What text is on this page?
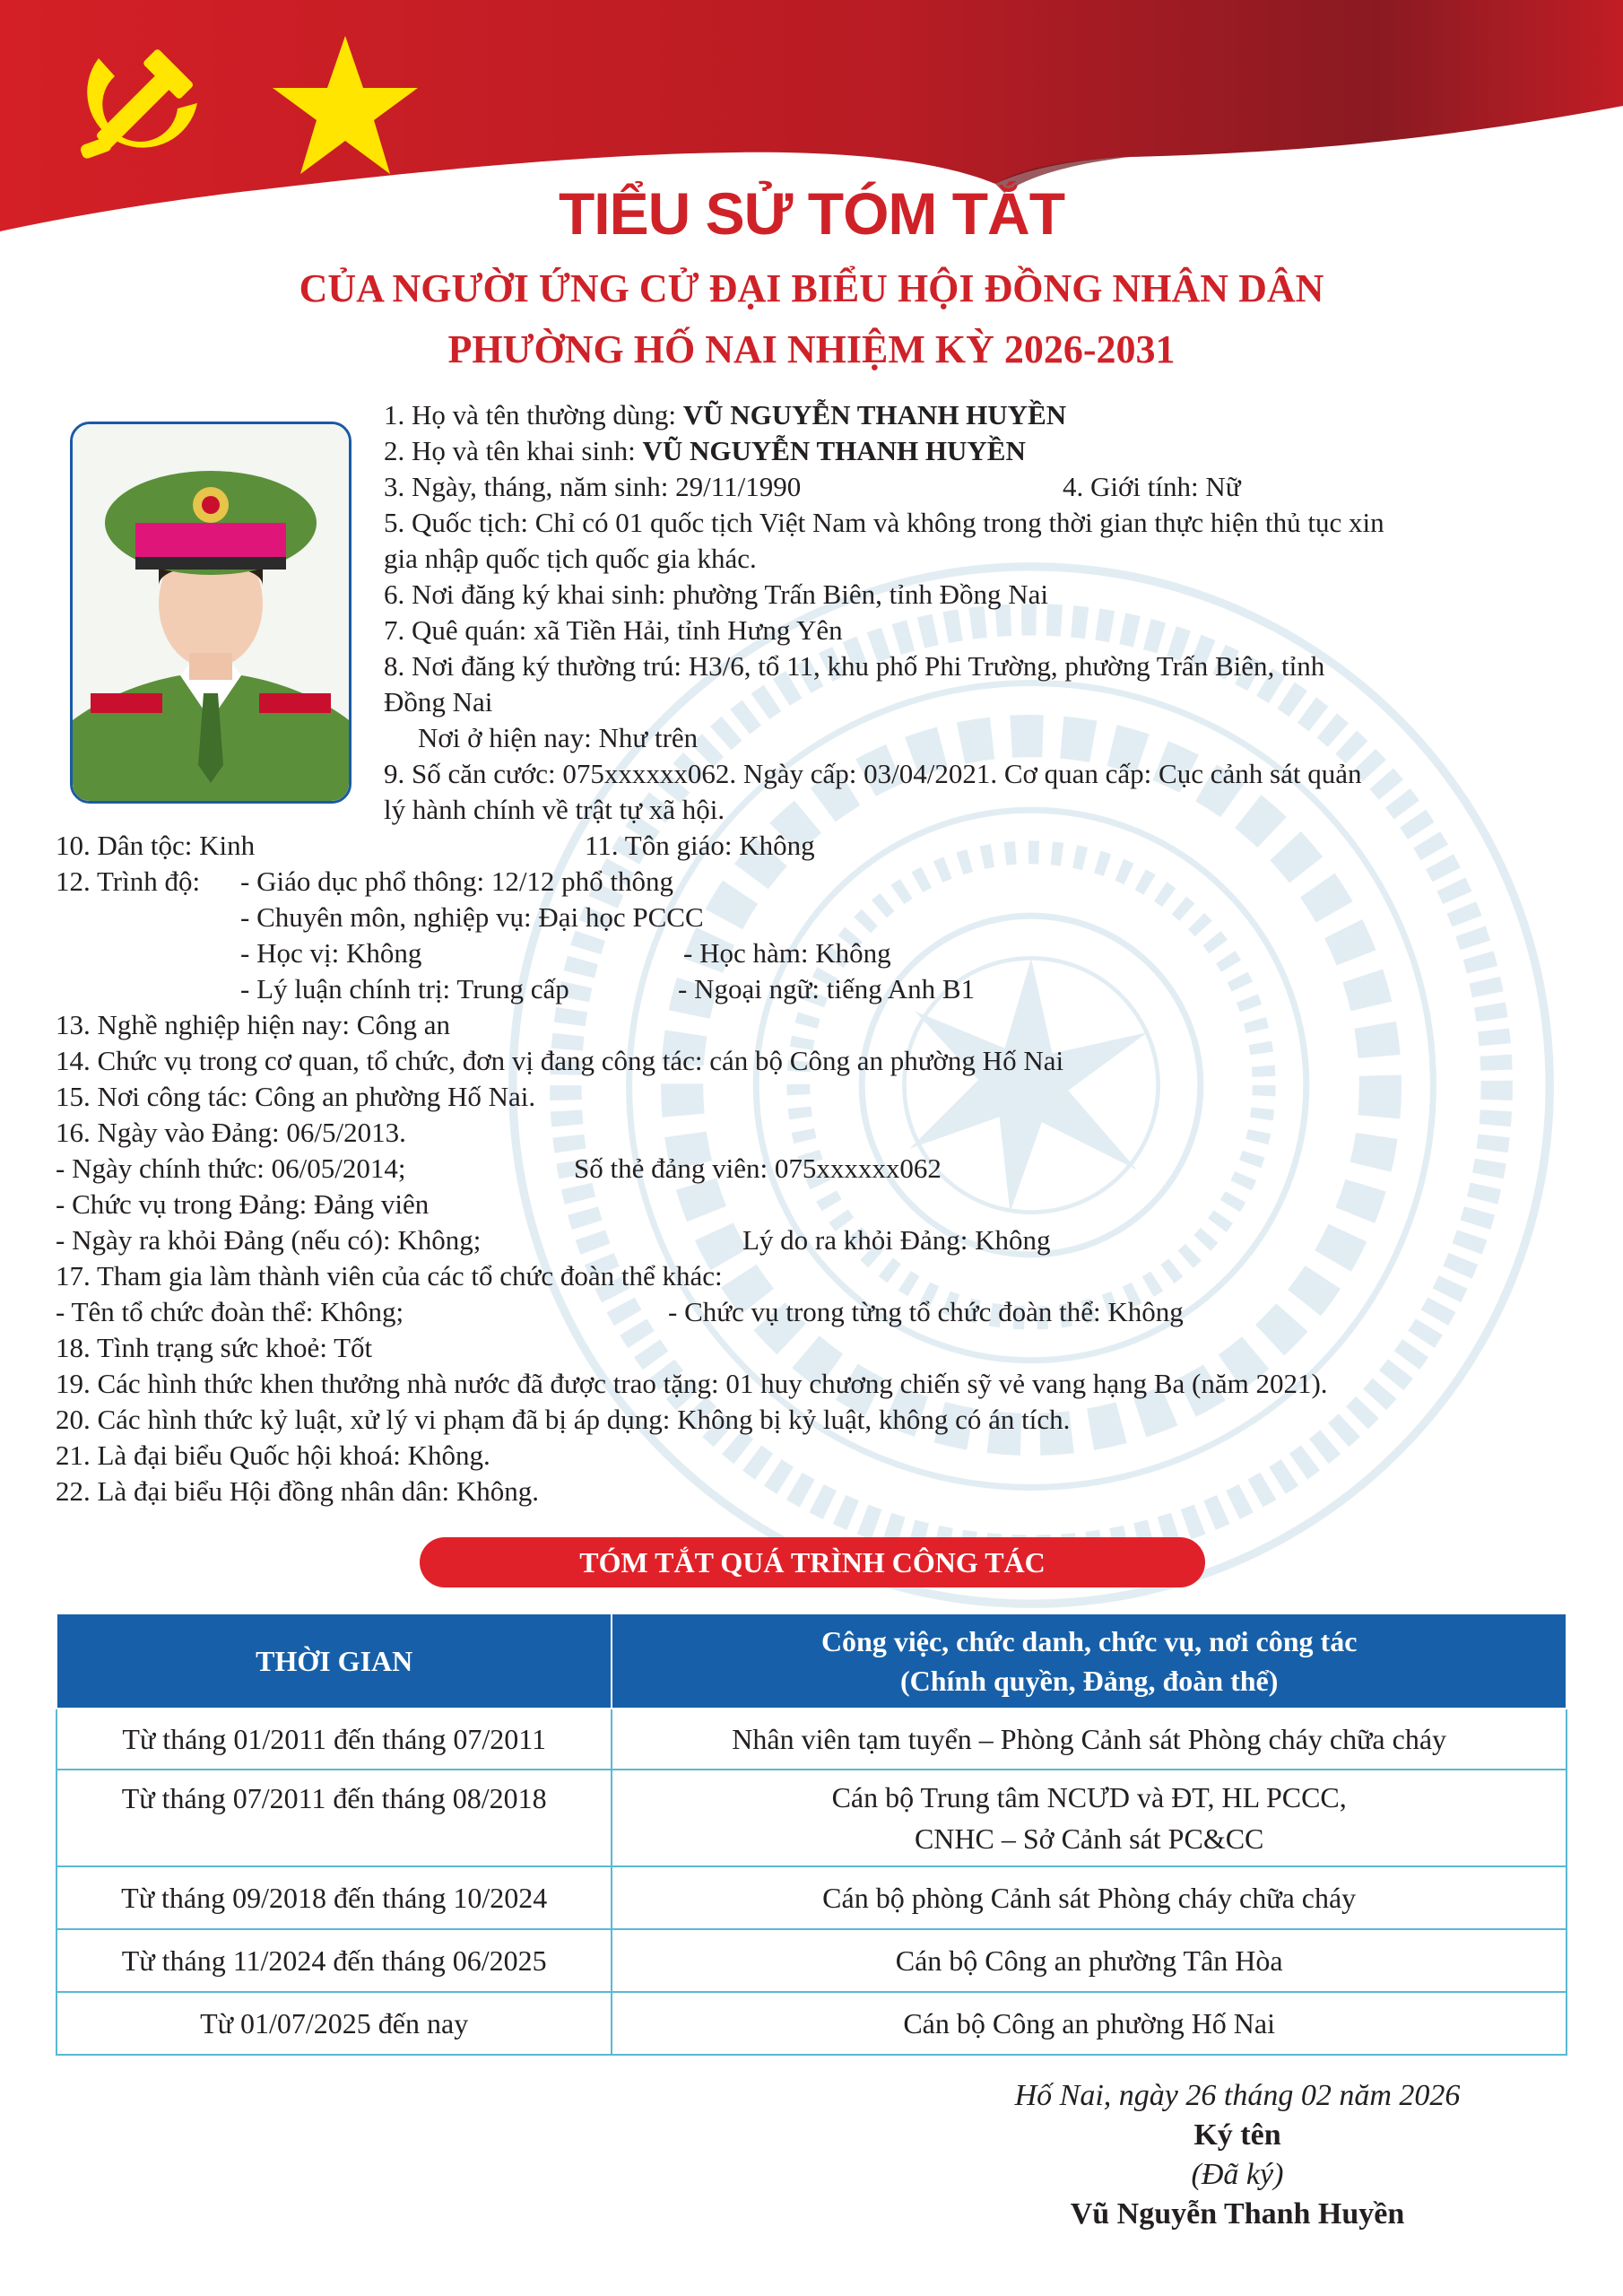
TIỂU SỬ TÓM TẮT
CỦA NGƯỜI ỨNG CỬ ĐẠI BIỂU HỘI ĐỒNG NHÂN DÂN
PHƯỜNG HỐ NAI NHIỆM KỲ 2026-2031
1. Họ và tên thường dùng: VŨ NGUYỄN THANH HUYỀN
2. Họ và tên khai sinh: VŨ NGUYỄN THANH HUYỀN
3. Ngày, tháng, năm sinh: 29/11/1990	4. Giới tính: Nữ
5. Quốc tịch: Chỉ có 01 quốc tịch Việt Nam và không trong thời gian thực hiện thủ tục xin
gia nhập quốc tịch quốc gia khác.
6. Nơi đăng ký khai sinh: phường Trấn Biên, tỉnh Đồng Nai
7. Quê quán: xã Tiền Hải, tỉnh Hưng Yên
8. Nơi đăng ký thường trú: H3/6, tổ 11, khu phố Phi Trường, phường Trấn Biên, tỉnh
Đồng Nai
Nơi ở hiện nay: Như trên
9. Số căn cước: 075xxxxxx062. Ngày cấp: 03/04/2021. Cơ quan cấp: Cục cảnh sát quản
lý hành chính về trật tự xã hội.
10. Dân tộc: Kinh	11. Tôn giáo: Không
12. Trình độ: - Giáo dục phổ thông: 12/12 phổ thông
- Chuyên môn, nghiệp vụ: Đại học PCCC
- Học vị: Không	- Học hàm: Không
- Lý luận chính trị: Trung cấp	- Ngoại ngữ: tiếng Anh B1
13. Nghề nghiệp hiện nay: Công an
14. Chức vụ trong cơ quan, tổ chức, đơn vị đang công tác: cán bộ Công an phường Hố Nai
15. Nơi công tác: Công an phường Hố Nai.
16. Ngày vào Đảng: 06/5/2013.
- Ngày chính thức: 06/05/2014;	Số thẻ đảng viên: 075xxxxxx062
- Chức vụ trong Đảng: Đảng viên
- Ngày ra khỏi Đảng (nếu có): Không;	Lý do ra khỏi Đảng: Không
17. Tham gia làm thành viên của các tổ chức đoàn thể khác:
- Tên tổ chức đoàn thể: Không;	- Chức vụ trong từng tổ chức đoàn thể: Không
18. Tình trạng sức khoẻ: Tốt
19. Các hình thức khen thưởng nhà nước đã được trao tặng: 01 huy chương chiến sỹ vẻ vang hạng Ba (năm 2021).
20. Các hình thức kỷ luật, xử lý vi phạm đã bị áp dụng: Không bị kỷ luật, không có án tích.
21. Là đại biểu Quốc hội khoá: Không.
22. Là đại biểu Hội đồng nhân dân: Không.
TÓM TẮT QUÁ TRÌNH CÔNG TÁC
THỜI GIAN	Công việc, chức danh, chức vụ, nơi công tác
(Chính quyền, Đảng, đoàn thể)
Từ tháng 01/2011 đến tháng 07/2011	Nhân viên tạm tuyển – Phòng Cảnh sát Phòng cháy chữa cháy
Từ tháng 07/2011 đến tháng 08/2018	Cán bộ Trung tâm NCƯD và ĐT, HL PCCC,
CNHC – Sở Cảnh sát PC&CC
Từ tháng 09/2018 đến tháng 10/2024	Cán bộ phòng Cảnh sát Phòng cháy chữa cháy
Từ tháng 11/2024 đến tháng 06/2025	Cán bộ Công an phường Tân Hòa
Từ 01/07/2025 đến nay	Cán bộ Công an phường Hố Nai
Hố Nai, ngày 26 tháng 02 năm 2026
Ký tên
(Đã ký)
Vũ Nguyễn Thanh Huyền
